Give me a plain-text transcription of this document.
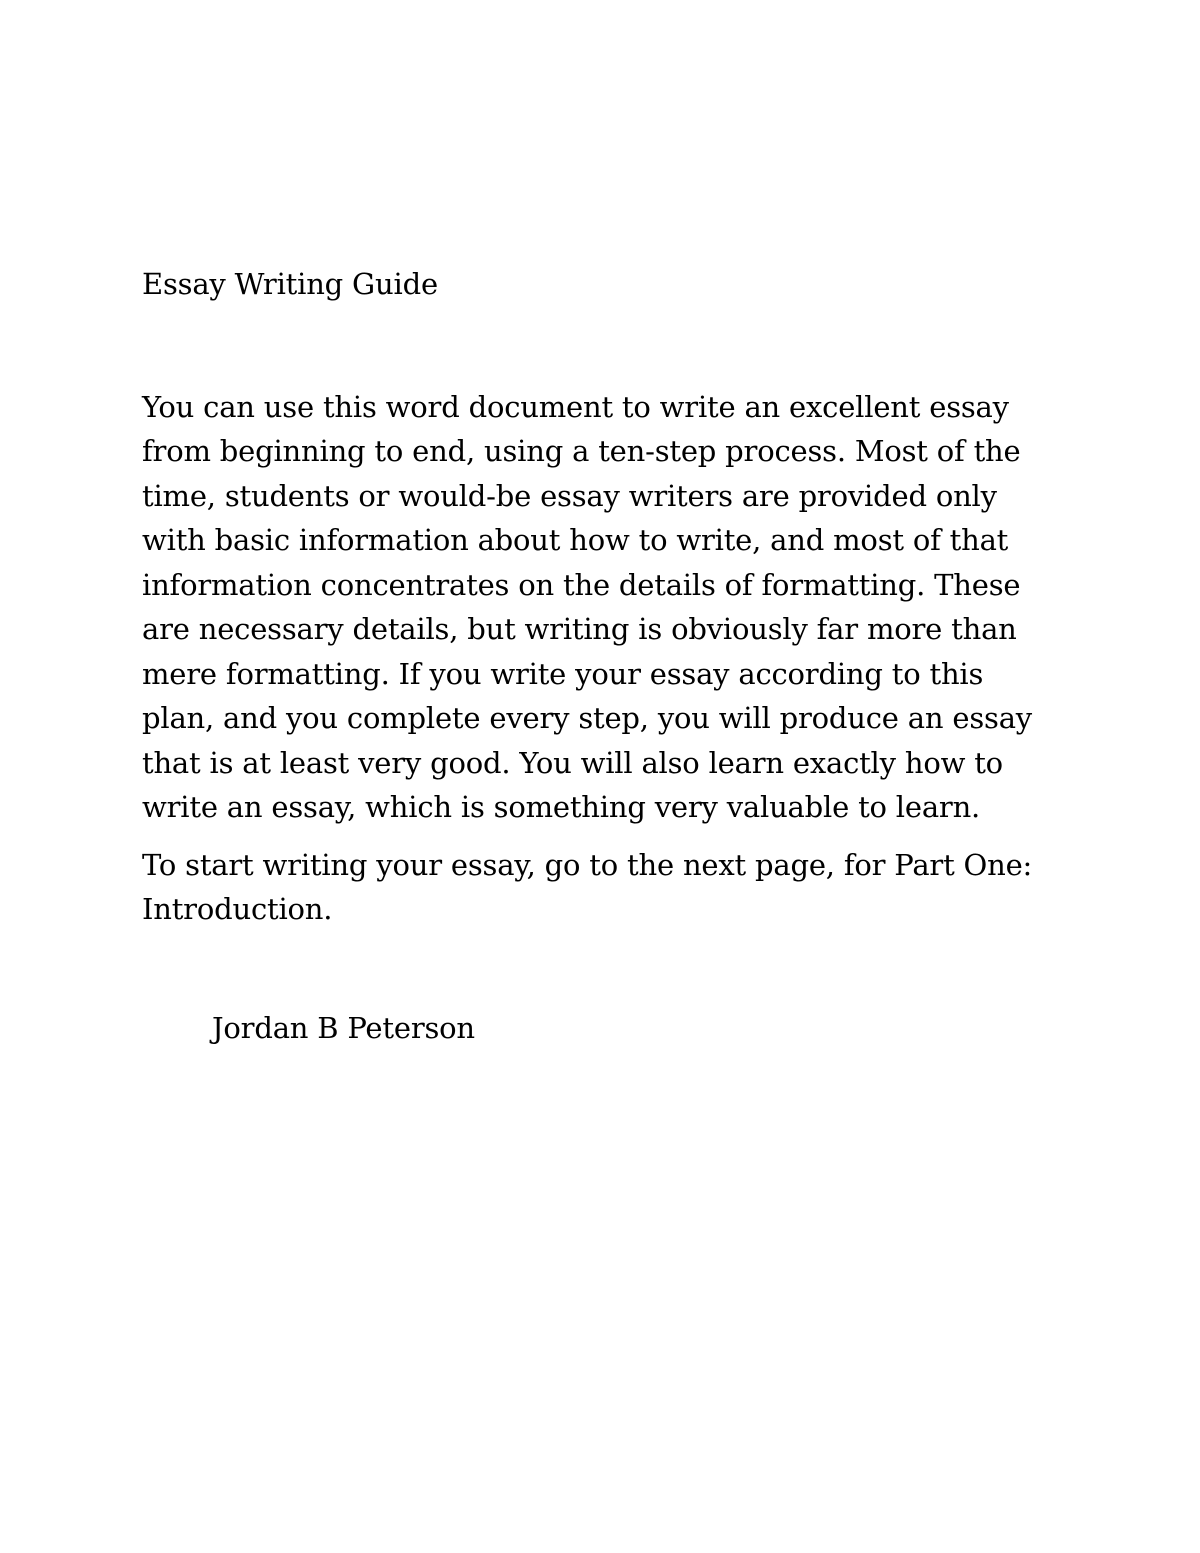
Essay Writing Guide

You can use this word document to write an excellent essay
from beginning to end, using a ten-step process. Most of the
time, students or would-be essay writers are provided only
with basic information about how to write, and most of that
information concentrates on the details of formatting. These
are necessary details, but writing is obviously far more than
mere formatting. If you write your essay according to this
plan, and you complete every step, you will produce an essay
that is at least very good. You will also learn exactly how to
write an essay, which is something very valuable to learn.

To start writing your essay, go to the next page, for Part One:
Introduction.

Jordan B Peterson
